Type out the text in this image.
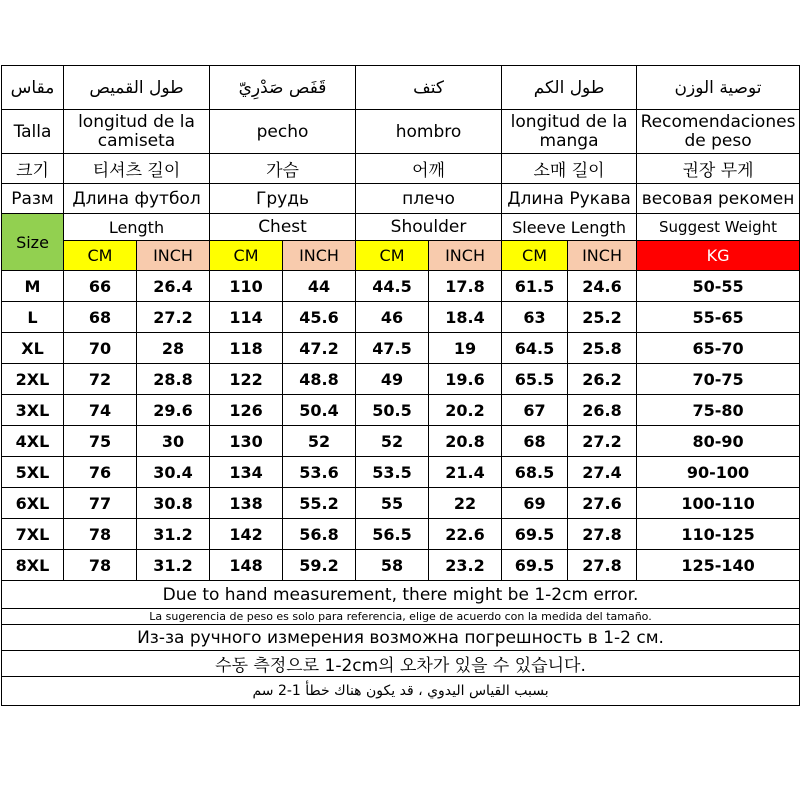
مقاس	طول القميص		قَفَص صَدْرِيّ		كتف		طول الكم		توصية الوزن
Talla	longitud de la camiseta		pecho		hombro		longitud de la manga		Recomendaciones de peso

크기	티셔츠 길이		가슴		어깨		소매 길이		권장 무게
Разм	Длина футбол		Грудь		плечо		Длина Рукава		весовая рекомен
Size	Length		Chest		Shoulder		Sleeve Length		Suggest Weight
	CM	INCH	CM	INCH	CM	INCH	CM	INCH	KG
M	66	26.4	110	44	44.5	17.8	61.5	24.6	50-55
L	68	27.2	114	45.6	46	18.4	63	25.2	55-65
XL	70	28	118	47.2	47.5	19	64.5	25.8	65-70
2XL	72	28.8	122	48.8	49	19.6	65.5	26.2	70-75
3XL	74	29.6	126	50.4	50.5	20.2	67	26.8	75-80
4XL	75	30	130	52	52	20.8	68	27.2	80-90
5XL	76	30.4	134	53.6	53.5	21.4	68.5	27.4	90-100
6XL	77	30.8	138	55.2	55	22	69	27.6	100-110
7XL	78	31.2	142	56.8	56.5	22.6	69.5	27.8	110-125
8XL	78	31.2	148	59.2	58	23.2	69.5	27.8	125-140
Due to hand measurement, there might be 1-2cm error.									
La sugerencia de peso es solo para referencia, elige de acuerdo con la medida del tamaño.									
Из-за ручного измерения возможна погрешность в 1-2 см.									
수동 측정으로 1-2cm의 오차가 있을 수 있습니다.									
بسبب القياس اليدوي ، قد يكون هناك خطأ 1-2 سم									
